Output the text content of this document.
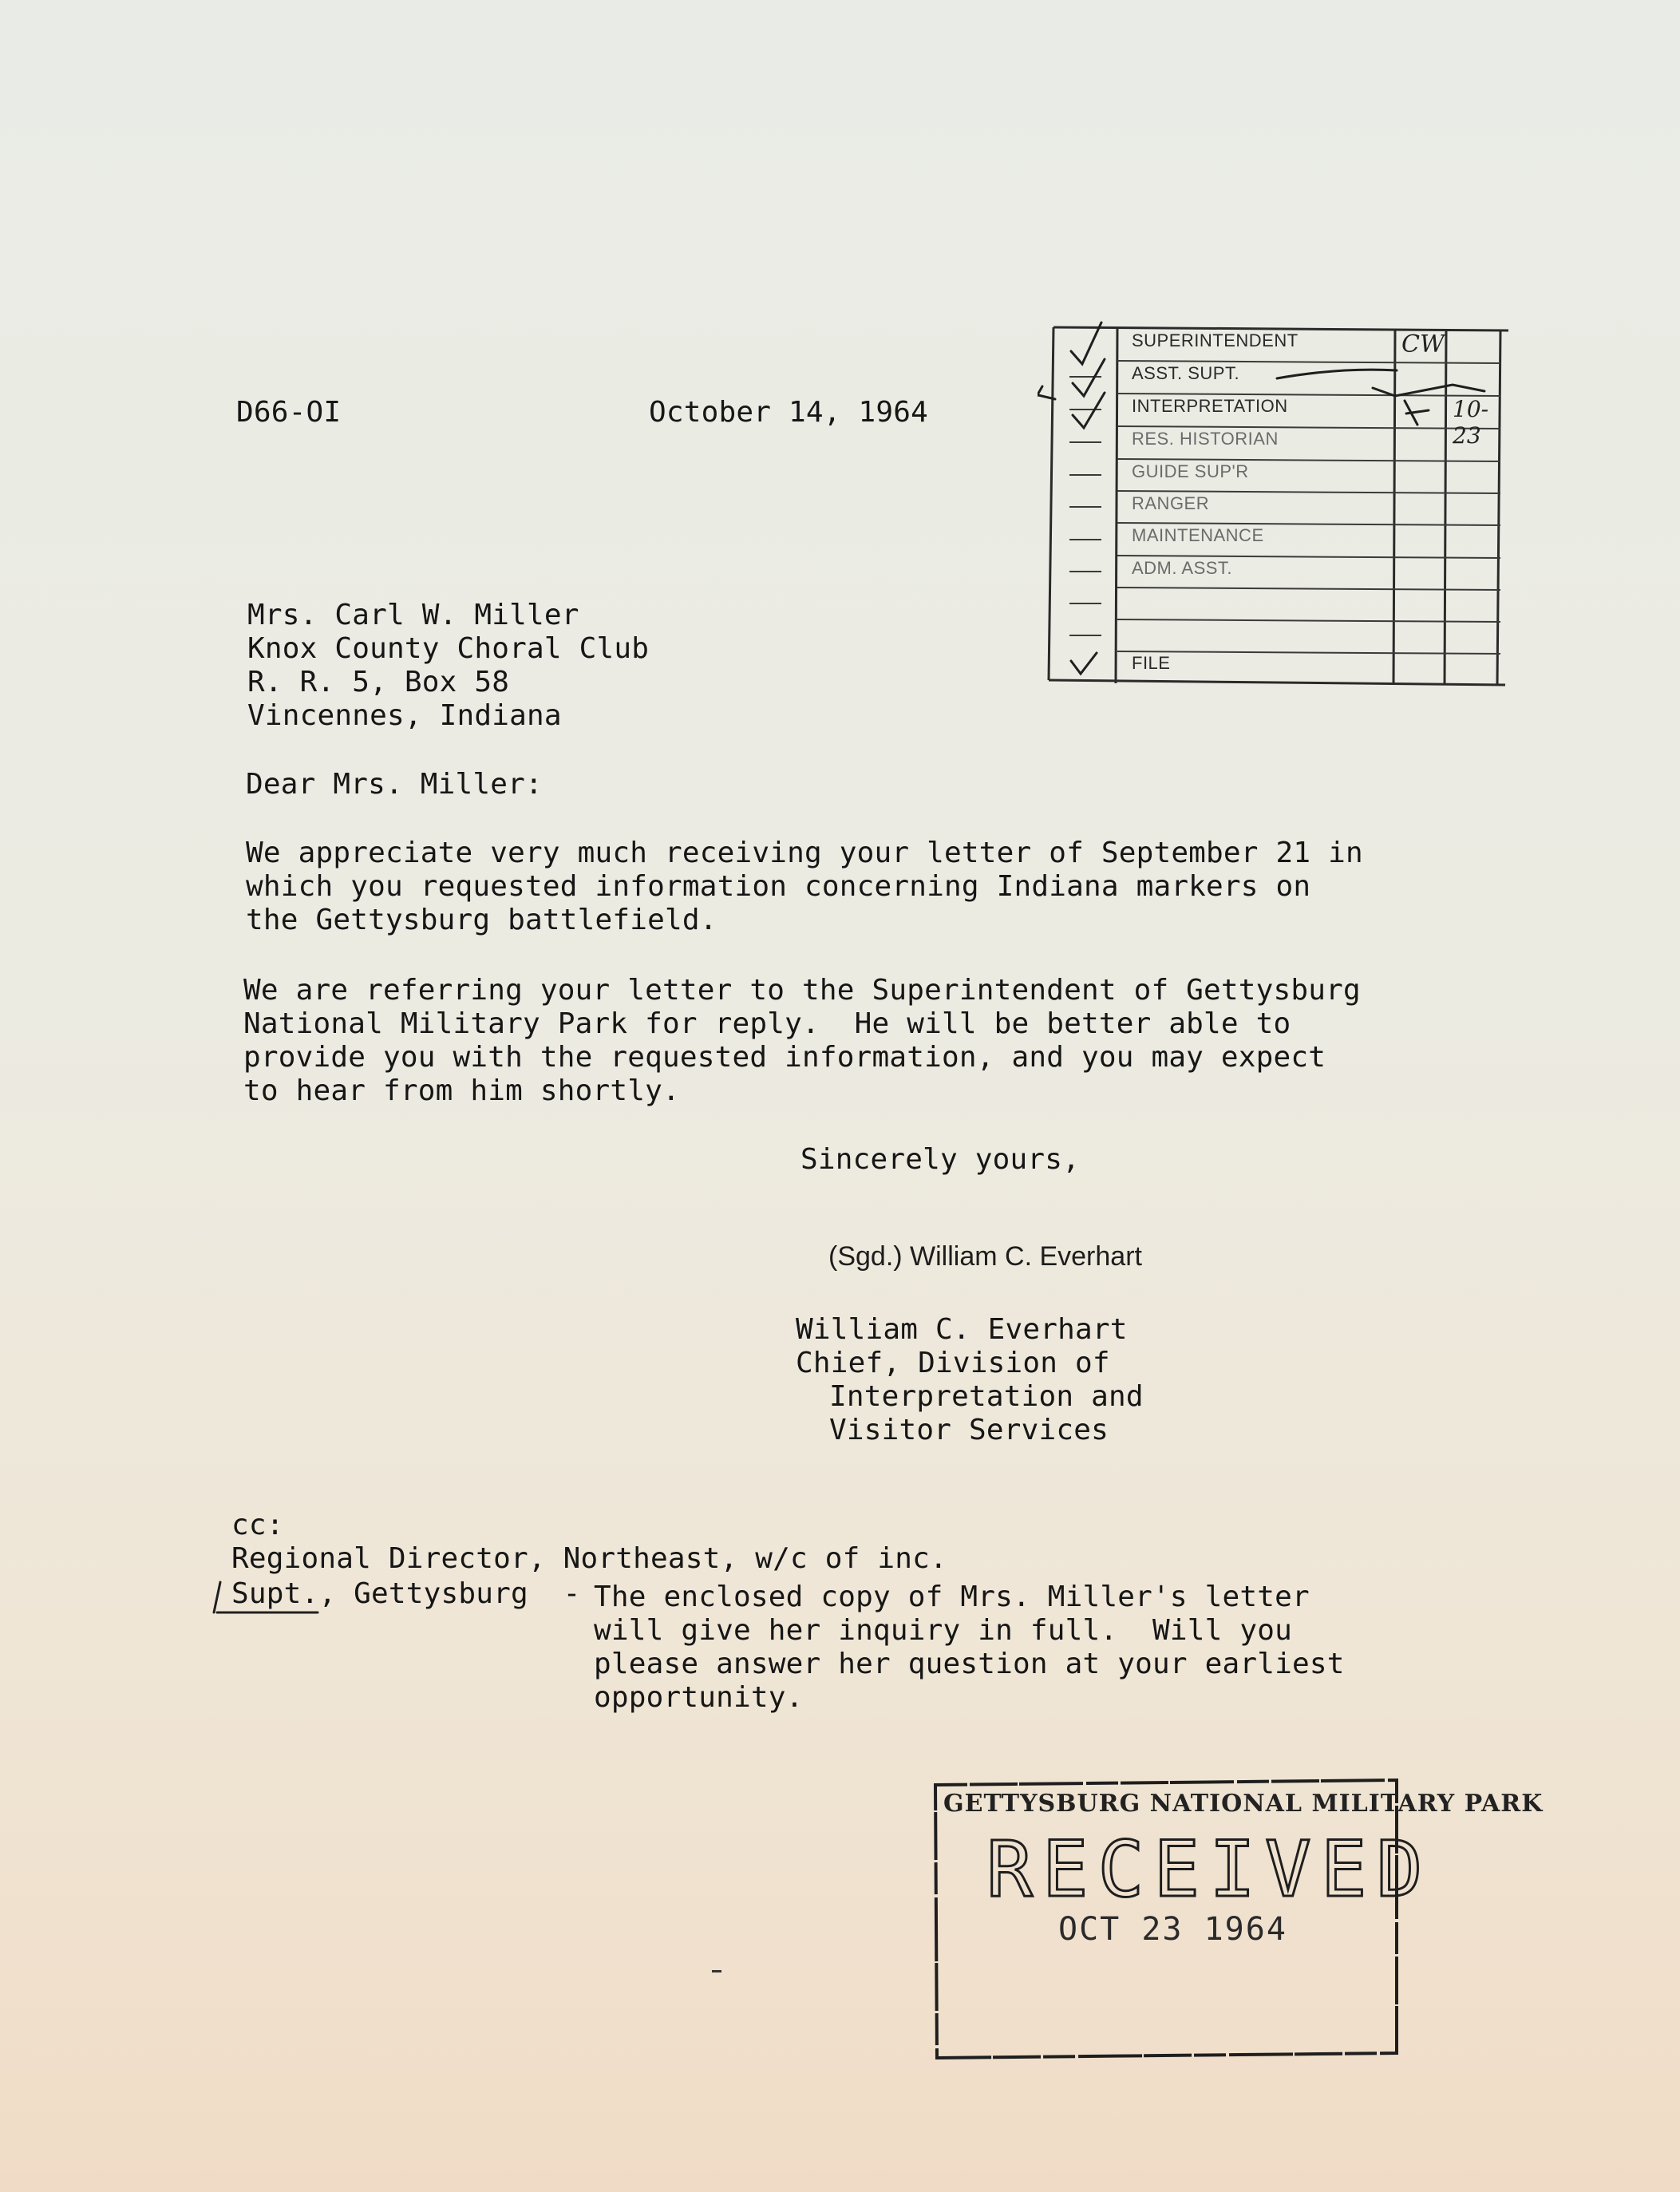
D66-OI	October 14, 1964
SUPERINTENDENT
ASST. SUPT.
INTERPRETATION
RES. HISTORIAN
GUIDE SUP'R
RANGER
MAINTENANCE
ADM. ASST.
FILE
CW
10-23
Mrs. Carl W. Miller
Knox County Choral Club
R. R. 5, Box 58
Vincennes, Indiana
Dear Mrs. Miller:
We appreciate very much receiving your letter of September 21 in
which you requested information concerning Indiana markers on
the Gettysburg battlefield.
We are referring your letter to the Superintendent of Gettysburg
National Military Park for reply.  He will be better able to
provide you with the requested information, and you may expect
to hear from him shortly.
Sincerely yours,
(Sgd.) William C. Everhart
William C. Everhart
Chief, Division of
Interpretation and
Visitor Services
cc:
Regional Director, Northeast, w/c of inc.
Supt., Gettysburg - The enclosed copy of Mrs. Miller's letter
will give her inquiry in full.  Will you
please answer her question at your earliest
opportunity.
GETTYSBURG NATIONAL MILITARY PARK
RECEIVED
OCT 23 1964
